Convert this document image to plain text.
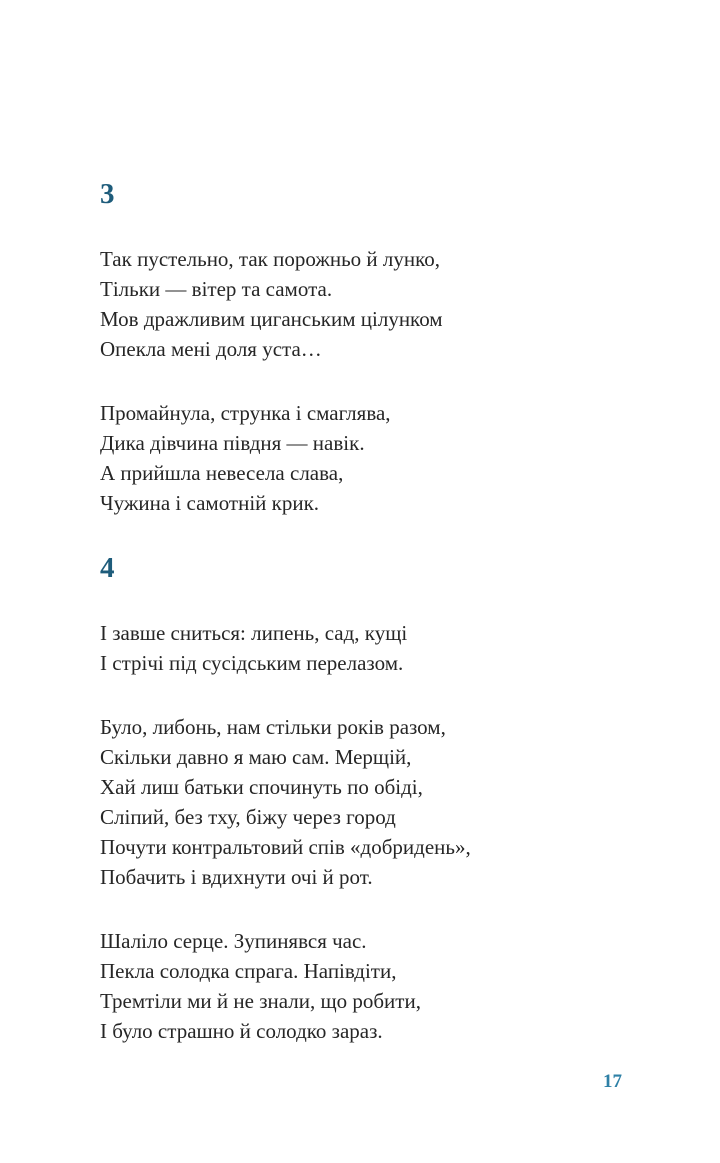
3
Так пустельно, так порожньо й лунко,
Тільки — вітер та самота.
Мов дражливим циганським цілунком
Опекла мені доля уста…
Промайнула, струнка і смаглява,
Дика дівчина півдня — навік.
А прийшла невесела слава,
Чужина і самотній крик.
4
І завше сниться: липень, сад, кущі
І стрічі під сусідським перелазом.
Було, либонь, нам стільки років разом,
Скільки давно я маю сам. Мерщій,
Хай лиш батьки спочинуть по обіді,
Сліпий, без тху, біжу через город
Почути контральтовий спів «добридень»,
Побачить і вдихнути очі й рот.
Шаліло серце. Зупинявся час.
Пекла солодка спрага. Напівдіти,
Тремтіли ми й не знали, що робити,
І було страшно й солодко зараз.
17
